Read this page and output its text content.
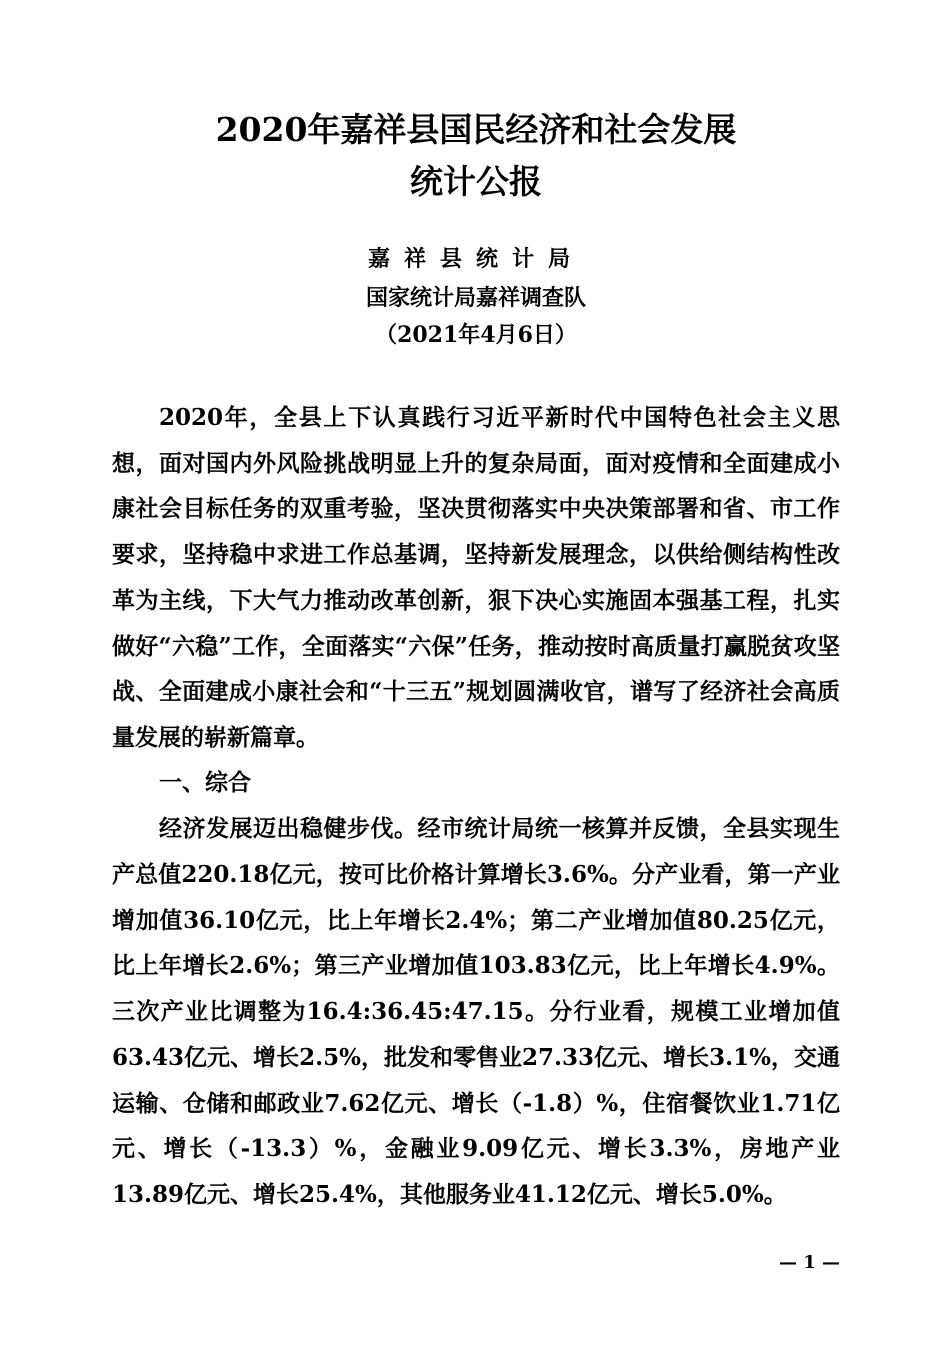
2020年嘉祥县国民经济和社会发展
统计公报
嘉祥县统计局
国家统计局嘉祥调查队
（2021年4月6日）

2020年，全县上下认真践行习近平新时代中国特色社会主义思想，面对国内外风险挑战明显上升的复杂局面，面对疫情和全面建成小康社会目标任务的双重考验，坚决贯彻落实中央决策部署和省、市工作要求，坚持稳中求进工作总基调，坚持新发展理念，以供给侧结构性改革为主线，下大气力推动改革创新，狠下决心实施固本强基工程，扎实做好“六稳”工作，全面落实“六保”任务，推动按时高质量打赢脱贫攻坚战、全面建成小康社会和“十三五”规划圆满收官，谱写了经济社会高质量发展的崭新篇章。

一、综合

经济发展迈出稳健步伐。经市统计局统一核算并反馈，全县实现生产总值220.18亿元，按可比价格计算增长3.6%。分产业看，第一产业增加值36.10亿元，比上年增长2.4%；第二产业增加值80.25亿元，比上年增长2.6%；第三产业增加值103.83亿元，比上年增长4.9%。三次产业比调整为16.4:36.45:47.15。分行业看，规模工业增加值63.43亿元、增长2.5%，批发和零售业27.33亿元、增长3.1%，交通运输、仓储和邮政业7.62亿元、增长（-1.8）%，住宿餐饮业1.71亿元、增长（-13.3）%，金融业9.09亿元、增长3.3%，房地产业13.89亿元、增长25.4%，其他服务业41.12亿元、增长5.0%。

— 1 —
